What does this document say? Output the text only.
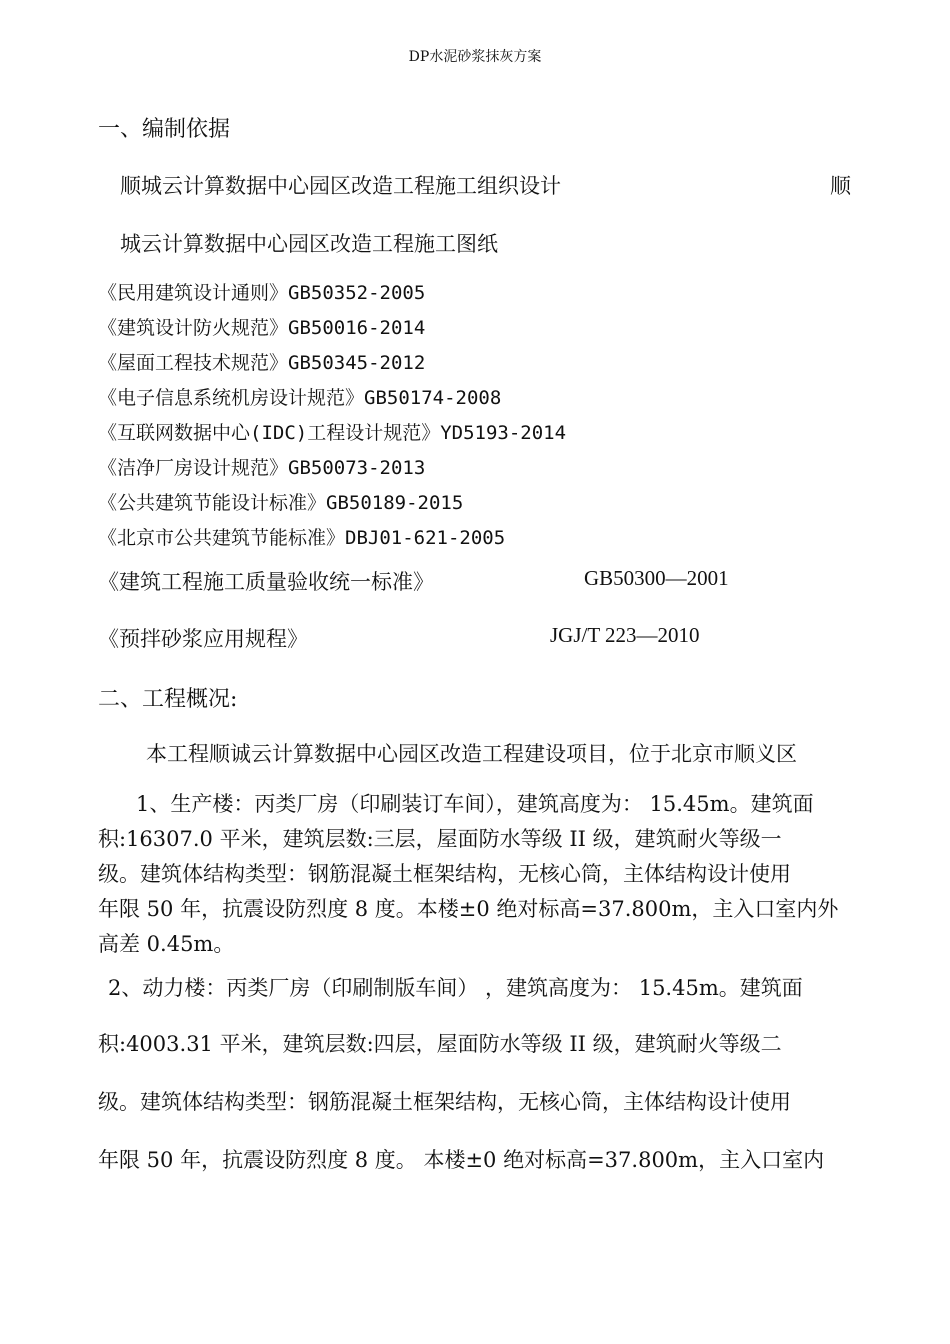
DP水泥砂浆抹灰方案
一、编制依据
顺城云计算数据中心园区改造工程施工组织设计	顺
城云计算数据中心园区改造工程施工图纸
《民用建筑设计通则》GB50352-2005
《建筑设计防火规范》GB50016-2014
《屋面工程技术规范》GB50345-2012
《电子信息系统机房设计规范》GB50174-2008
《互联网数据中心(IDC)工程设计规范》YD5193-2014
《洁净厂房设计规范》GB50073-2013
《公共建筑节能设计标准》GB50189-2015
《北京市公共建筑节能标准》DBJ01-621-2005
《建筑工程施工质量验收统一标准》	GB50300—2001
《预拌砂浆应用规程》	JGJ/T 223—2010
二、工程概况:
本工程顺诚云计算数据中心园区改造工程建设项目，位于北京市顺义区
1、生产楼：丙类厂房（印刷装订车间），建筑高度为： 15.45m。建筑面
积:16307.0 平米，建筑层数:三层，屋面防水等级 II 级，建筑耐火等级一
级。建筑体结构类型：钢筋混凝土框架结构，无核心筒，主体结构设计使用
年限 50 年，抗震设防烈度 8 度。本楼±0 绝对标高=37.800m，主入口室内外
高差 0.45m。
2、动力楼：丙类厂房（印刷制版车间） ，建筑高度为： 15.45m。建筑面
积:4003.31 平米，建筑层数:四层，屋面防水等级 II 级，建筑耐火等级二
级。建筑体结构类型：钢筋混凝土框架结构，无核心筒，主体结构设计使用
年限 50 年，抗震设防烈度 8 度。 本楼±0 绝对标高=37.800m，主入口室内
